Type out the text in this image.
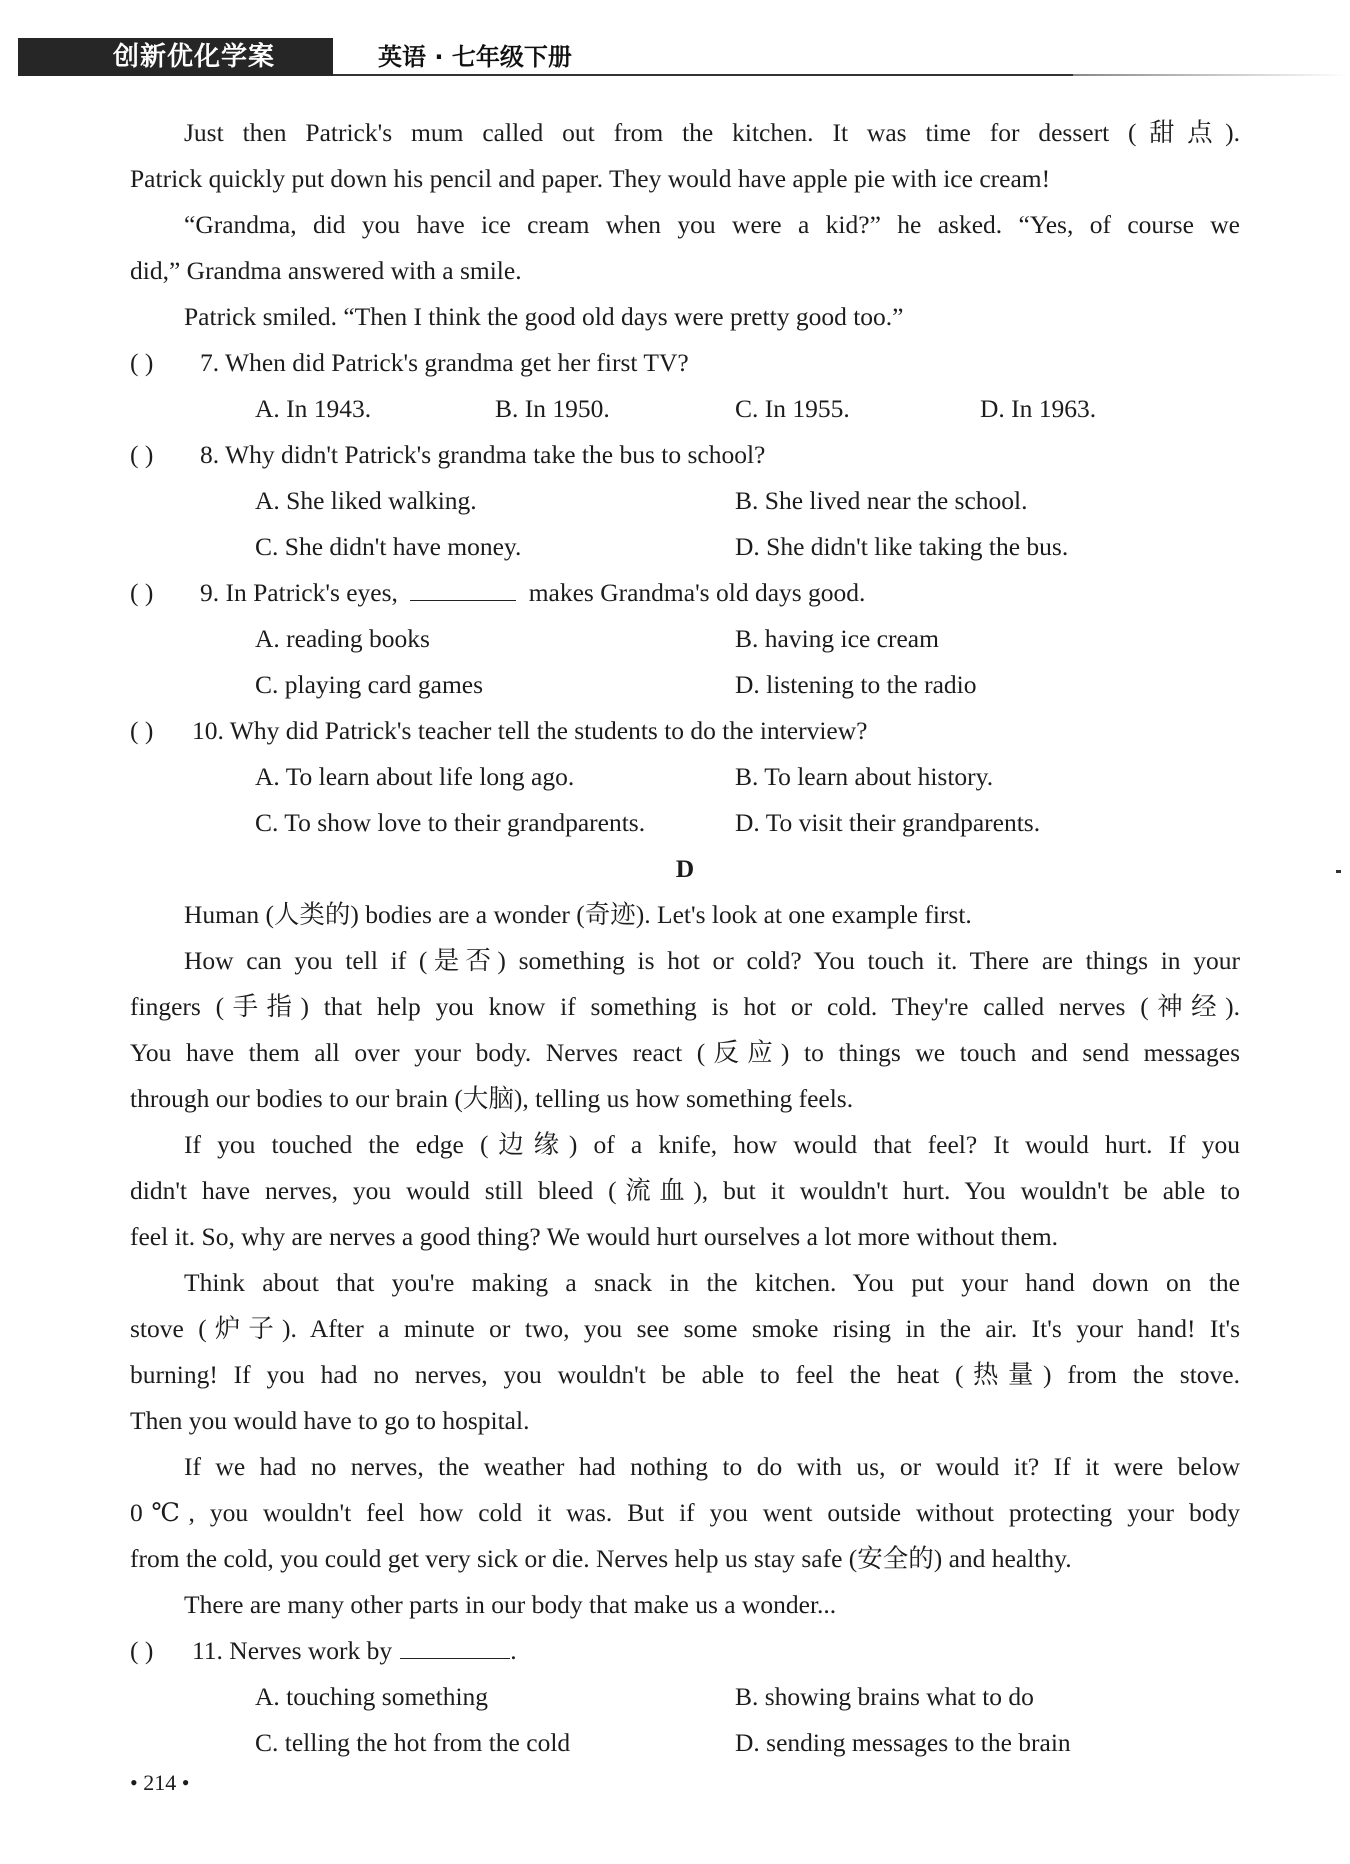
创新优化学案	英语 · 七年级下册
Just then Patrick's mum called out from the kitchen. It was time for dessert (甜点).
Patrick quickly put down his pencil and paper. They would have apple pie with ice cream!
“Grandma, did you have ice cream when you were a kid?” he asked. “Yes, of course we
did,” Grandma answered with a smile.
Patrick smiled. “Then I think the good old days were pretty good too.”
( ) 7. When did Patrick's grandma get her first TV?
A. In 1943.	B. In 1950.	C. In 1955.	D. In 1963.
( ) 8. Why didn't Patrick's grandma take the bus to school?
A. She liked walking.	B. She lived near the school.
C. She didn't have money.	D. She didn't like taking the bus.
( ) 9. In Patrick's eyes,	makes Grandma's old days good.
A. reading books	B. having ice cream
C. playing card games	D. listening to the radio
( ) 10. Why did Patrick's teacher tell the students to do the interview?
A. To learn about life long ago.	B. To learn about history.
C. To show love to their grandparents.	D. To visit their grandparents.
D
Human (人类的) bodies are a wonder (奇迹). Let's look at one example first.
How can you tell if (是否) something is hot or cold? You touch it. There are things in your
fingers (手指) that help you know if something is hot or cold. They're called nerves (神经).
You have them all over your body. Nerves react (反应) to things we touch and send messages
through our bodies to our brain (大脑), telling us how something feels.
If you touched the edge (边缘) of a knife, how would that feel? It would hurt. If you
didn't have nerves, you would still bleed (流血), but it wouldn't hurt. You wouldn't be able to
feel it. So, why are nerves a good thing? We would hurt ourselves a lot more without them.
Think about that you're making a snack in the kitchen. You put your hand down on the
stove (炉子). After a minute or two, you see some smoke rising in the air. It's your hand! It's
burning! If you had no nerves, you wouldn't be able to feel the heat (热量) from the stove.
Then you would have to go to hospital.
If we had no nerves, the weather had nothing to do with us, or would it? If it were below
0℃, you wouldn't feel how cold it was. But if you went outside without protecting your body
from the cold, you could get very sick or die. Nerves help us stay safe (安全的) and healthy.
There are many other parts in our body that make us a wonder...
( ) 11. Nerves work by	.
A. touching something	B. showing brains what to do
C. telling the hot from the cold	D. sending messages to the brain
• 214 •
